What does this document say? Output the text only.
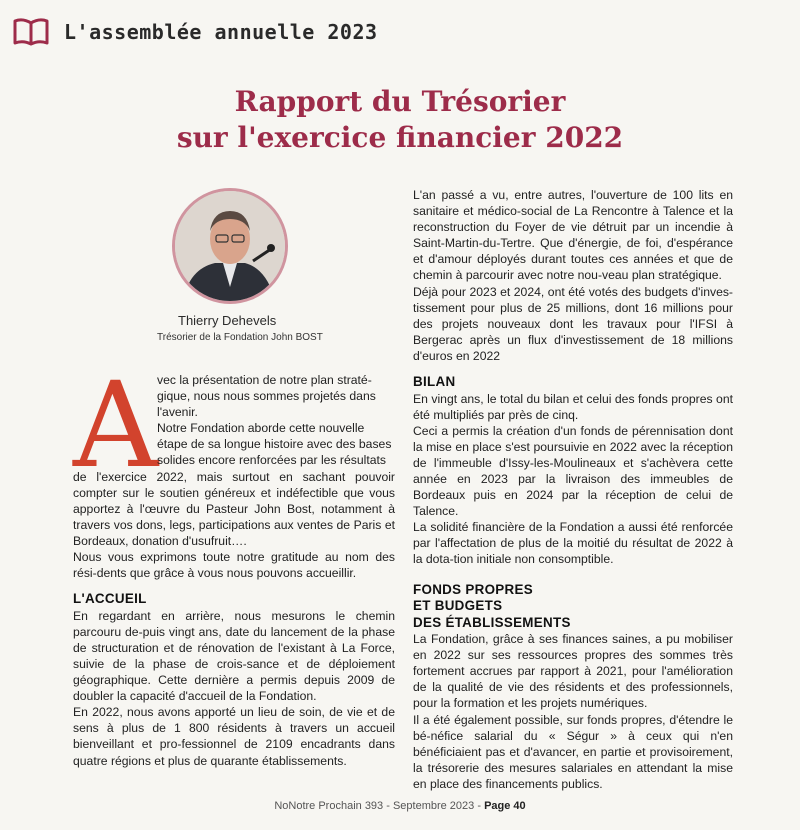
L'assemblée annuelle 2023
Rapport du Trésorier
sur l'exercice financier 2022
Thierry Dehevels
Trésorier de la Fondation John BOST
A

vec la présentation de notre plan straté-

gique, nous nous sommes projetés dans

l'avenir.

Notre Fondation aborde cette nouvelle

étape de sa longue histoire avec des bases

solides encore renforcées par les résultats

de l'exercice 2022, mais surtout en sachant pouvoir compter sur le soutien généreux et indéfectible que vous apportez à l'œuvre du Pasteur John Bost, notamment à travers vos dons, legs, participations aux ventes de Paris et Bordeaux, donation d'usufruit….

Nous vous exprimons toute notre gratitude au nom des rési-dents que grâce à vous nous pouvons accueillir.

L'ACCUEIL

En regardant en arrière, nous mesurons le chemin parcouru de-puis vingt ans, date du lancement de la phase de structuration et de rénovation de l'existant à La Force, suivie de la phase de crois-sance et de déploiement géographique. Cette dernière a permis depuis 2009 de doubler la capacité d'accueil de la Fondation.

En 2022, nous avons apporté un lieu de soin, de vie et de sens à plus de 1 800 résidents à travers un accueil bienveillant et pro-fessionnel de 2109 encadrants dans quatre régions et plus de quarante établissements.

L'an passé a vu, entre autres, l'ouverture de 100 lits en sanitaire et médico-social de La Rencontre à Talence et la reconstruction du Foyer de vie détruit par un incendie à Saint-Martin-du-Tertre. Que d'énergie, de foi, d'espérance et d'amour déployés durant toutes ces années et que de chemin à parcourir avec notre nou-veau plan stratégique.

Déjà pour 2023 et 2024, ont été votés des budgets d'inves-tissement pour plus de 25 millions, dont 16 millions pour des projets nouveaux dont les travaux pour l'IFSI à Bergerac après un flux d'investissement de 18 millions d'euros en 2022

BILAN

En vingt ans, le total du bilan et celui des fonds propres ont été multipliés par près de cinq.

Ceci a permis la création d'un fonds de pérennisation dont la mise en place s'est poursuivie en 2022 avec la réception de l'immeuble d'Issy-les-Moulineaux et s'achèvera cette année en 2023 par la livraison des immeubles de Bordeaux puis en 2024 par la réception de celui de Talence.

La solidité financière de la Fondation a aussi été renforcée par l'affectation de plus de la moitié du résultat de 2022 à la dota-tion initiale non consomptible.

FONDS PROPRES

ET BUDGETS

DES ÉTABLISSEMENTS

La Fondation, grâce à ses finances saines, a pu mobiliser en 2022 sur ses ressources propres des sommes très fortement accrues par rapport à 2021, pour l'amélioration de la qualité de vie des résidents et des professionnels, pour la formation et les projets numériques.

Il a été également possible, sur fonds propres, d'étendre le bé-néfice salarial du « Ségur » à ceux qui n'en bénéficiaient pas et d'avancer, en partie et provisoirement, la trésorerie des mesures salariales en attendant la mise en place des financements publics.

NoNotre Prochain 393 - Septembre 2023 - Page 40
